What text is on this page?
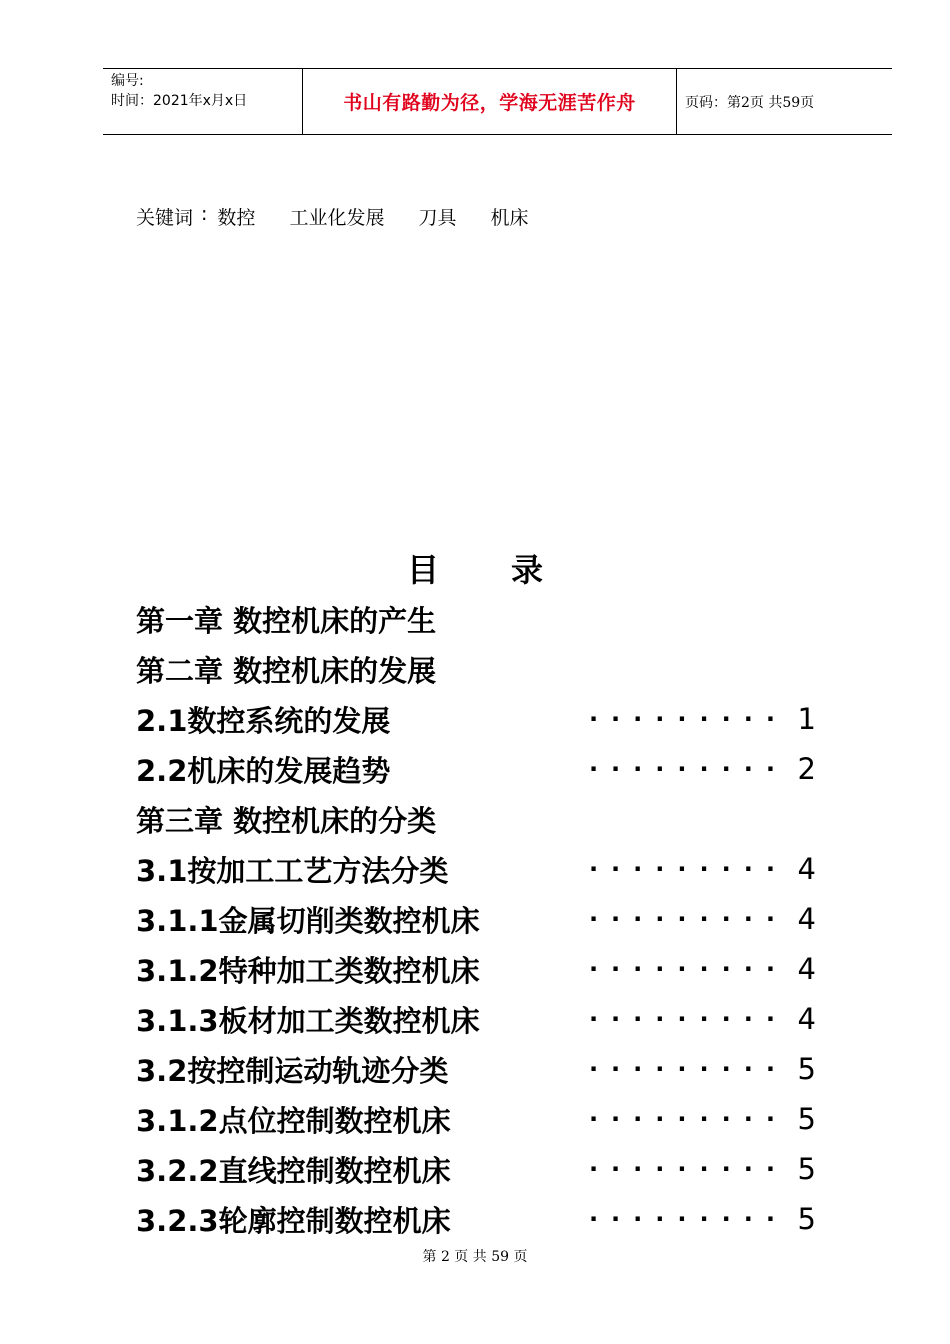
编号:
时间：2021年x月x日	书山有路勤为径，学海无涯苦作舟	页码：第2页 共59页
关键词 : 数控 工业化发展 刀具 机床
目 录
第一章 数控机床的产生
第二章 数控机床的发展
2.1数控系统的发展	········· 1
2.2机床的发展趋势	········· 2
第三章 数控机床的分类
3.1按加工工艺方法分类	········· 4
3.1.1金属切削类数控机床	········· 4
3.1.2特种加工类数控机床	········· 4
3.1.3板材加工类数控机床	········· 4
3.2按控制运动轨迹分类	········· 5
3.1.2点位控制数控机床	········· 5
3.2.2直线控制数控机床	········· 5
3.2.3轮廓控制数控机床	········· 5
第 2 页 共 59 页
